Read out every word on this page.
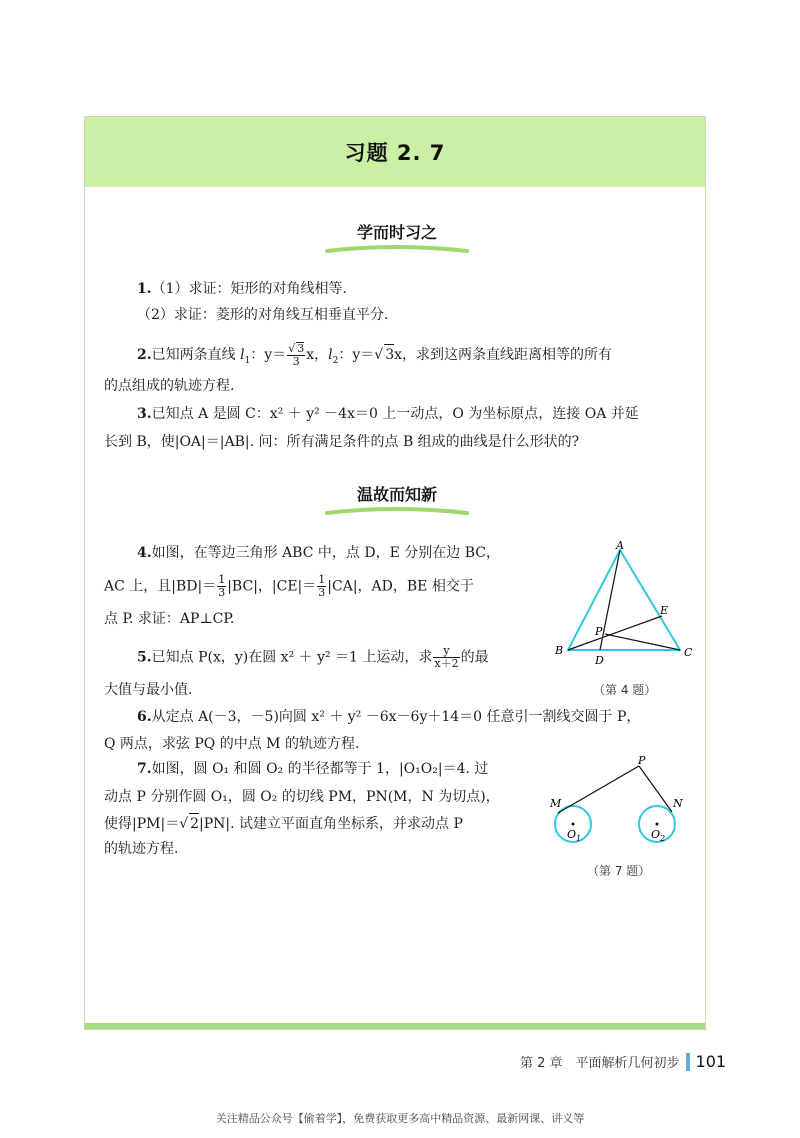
习题 2. 7
学而时习之
1.（1）求证：矩形的对角线相等.
（2）求证：菱形的对角线互相垂直平分.
2.已知两条直线 $l_1$：$y= \frac{√ 3}{3}$ x，$l_2$：y＝√ 3x，求到这两条直线距离相等的所有
的点组成的轨迹方程.
3.已知点 A 是圆 C：x² ＋ y² －4x＝0 上一动点，O 为坐标原点，连接 OA 并延
长到 B，使|OA|＝|AB|. 问：所有满足条件的点 B 组成的曲线是什么形状的?
温故而知新
4.如图，在等边三角形 ABC 中，点 D，E 分别在边 BC，
AC 上，且$|BD|= \frac{1}{3} |BC|$，$|CE|= \frac{1}{3} |CA|$，AD，BE 相交于
点 P. 求证：AP⊥CP.
5.已知点 P(x，y)在圆 x² ＋ y² ＝1 上运动，求 $\frac{y}{x+2}$ 的最
大值与最小值.
6.从定点 A(－3，－5)向圆 x² ＋ y² －6x－6y＋14＝0 任意引一割线交圆于 P，
Q 两点，求弦 PQ 的中点 M 的轨迹方程.
7.如图，圆 O₁ 和圆 O₂ 的半径都等于 1，|O₁O₂|＝4. 过
动点 P 分别作圆 O₁，圆 O₂ 的切线 PM，PN(M，N 为切点)，
使得|PM|＝√ 2|PN|. 试建立平面直角坐标系，并求动点 P
的轨迹方程.
A
B	C
D
E
P
（第 4 题）
P
M	N
$O_1$	$O_2$
（第 7 题）
第 2 章　平面解析几何初步 101
关注精品公众号【偷着学】，免费获取更多高中精品资源、最新网课、讲义等
